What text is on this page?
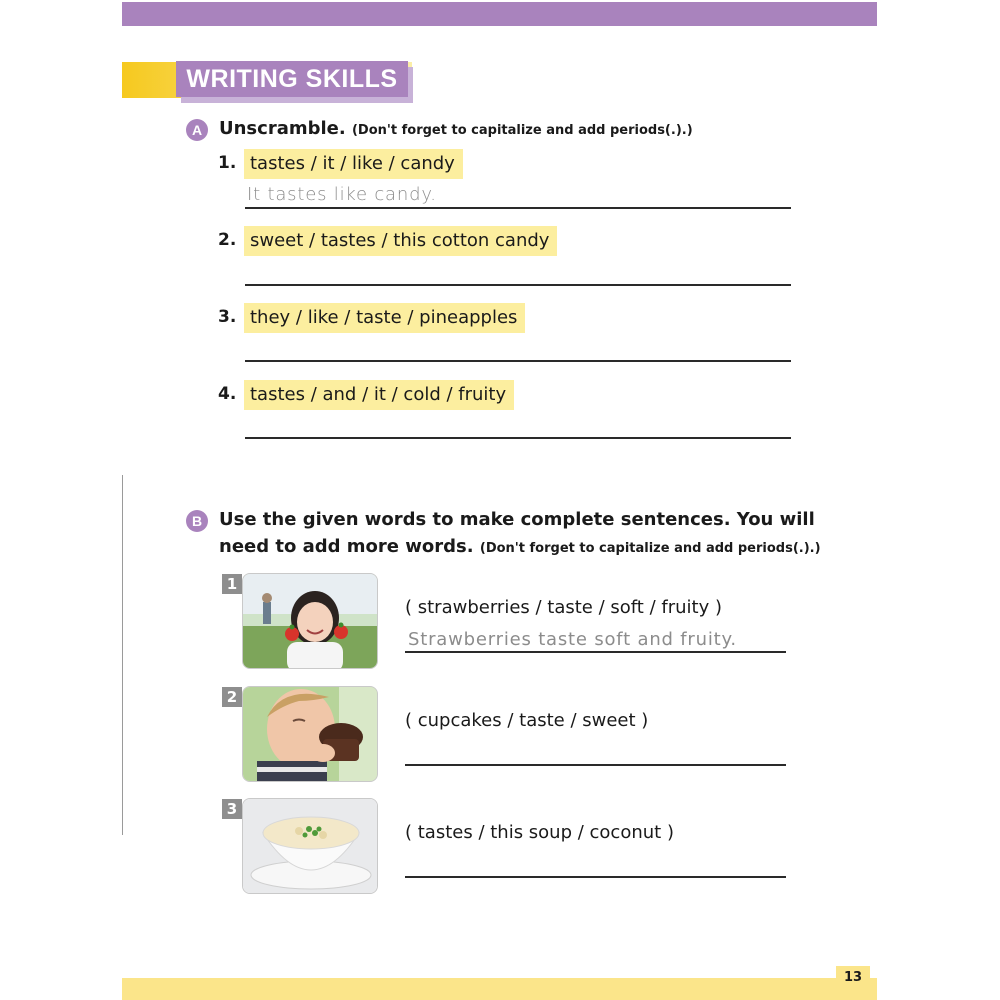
WRITING SKILLS
A Unscramble. (Don't forget to capitalize and add periods(.).)
1. tastes / it / like / candy
It tastes like candy.
2. sweet / tastes / this cotton candy
3. they / like / taste / pineapples
4. tastes / and / it / cold / fruity
B Use the given words to make complete sentences. You will
need to add more words. (Don't forget to capitalize and add periods(.).)
1
( strawberries / taste / soft / fruity )
Strawberries taste soft and fruity.
2
( cupcakes / taste / sweet )
3
( tastes / this soup / coconut )
13
